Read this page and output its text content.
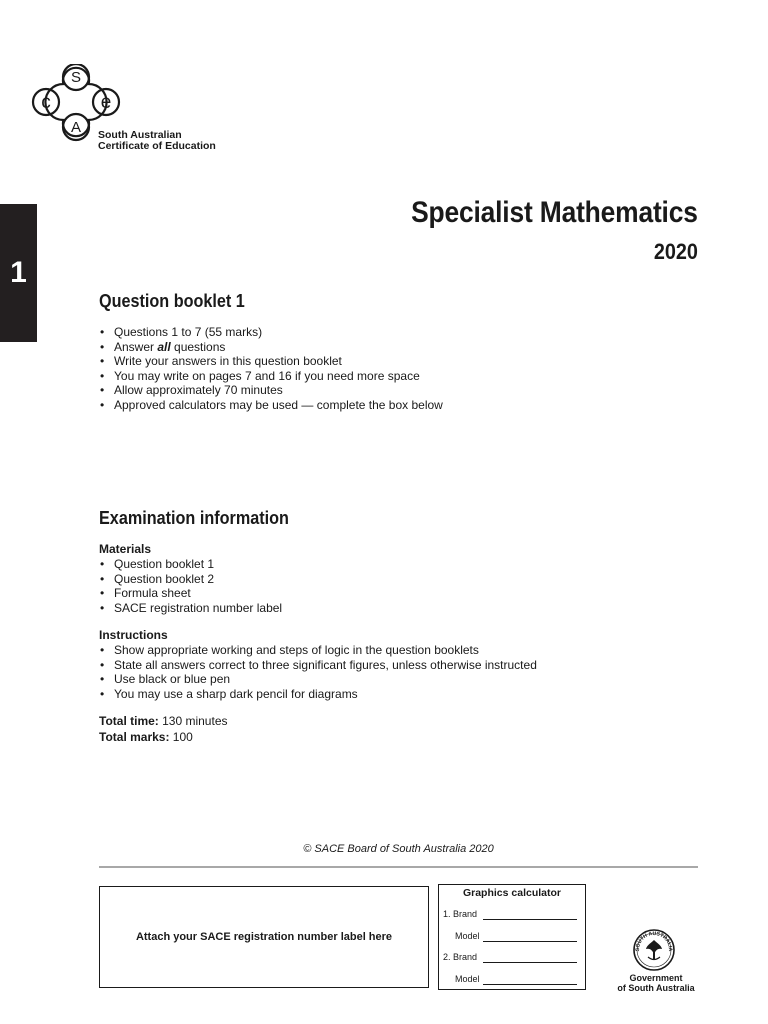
S
c	e
A South Australian
Certificate of Education
1
Specialist Mathematics
2020
Question booklet 1
• Questions 1 to 7 (55 marks)
• Answer all questions
• Write your answers in this question booklet
• You may write on pages 7 and 16 if you need more space
• Allow approximately 70 minutes
• Approved calculators may be used — complete the box below
Examination information
Materials
• Question booklet 1
• Question booklet 2
• Formula sheet
• SACE registration number label
Instructions
• Show appropriate working and steps of logic in the question booklets
• State all answers correct to three significant figures, unless otherwise instructed
• Use black or blue pen
• You may use a sharp dark pencil for diagrams
Total time: 130 minutes
Total marks: 100
© SACE Board of South Australia 2020
Attach your SACE registration number label here
Graphics calculator
1. Brand
Model
2. Brand
Model
SOUTH AUSTRALIA
Government
of South Australia
